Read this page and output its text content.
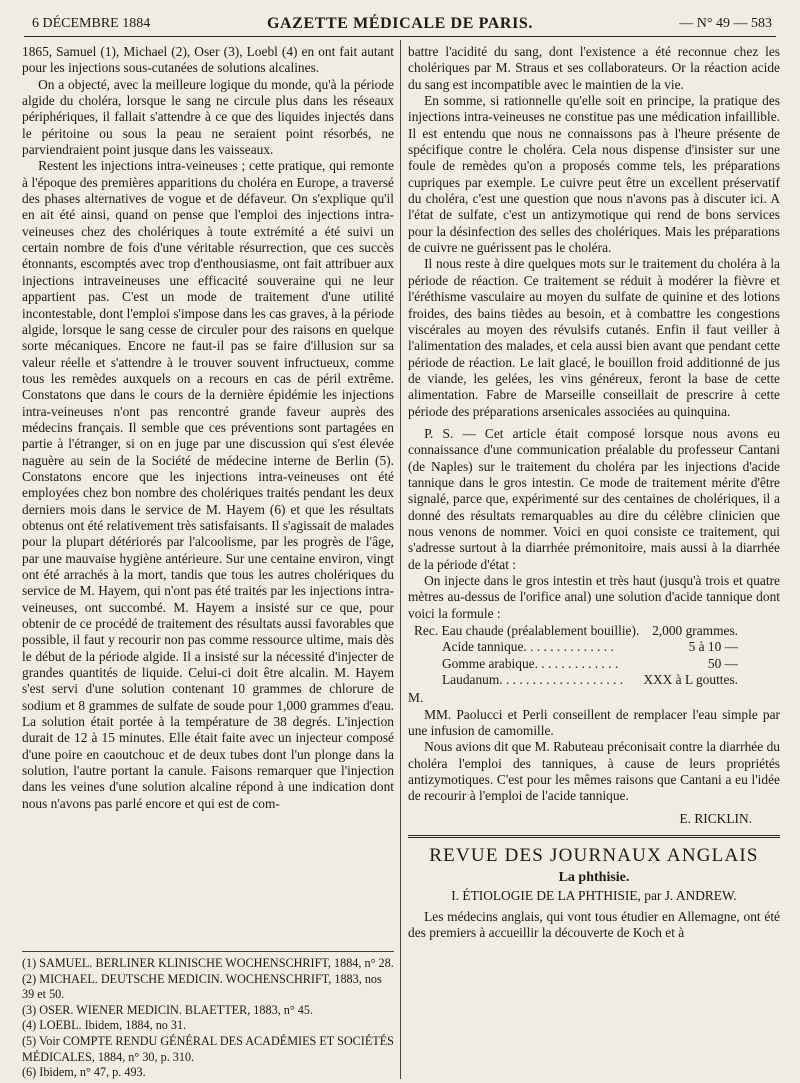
6 DÉCEMBRE 1884	GAZETTE MÉDICALE DE PARIS.	— N° 49 — 583

1865, Samuel (1), Michael (2), Oser (3), Loebl (4) en ont fait autant pour les injections sous-cutanées de solutions alcalines.

On a objecté, avec la meilleure logique du monde, qu'à la période algide du choléra, lorsque le sang ne circule plus dans les réseaux périphériques, il fallait s'attendre à ce que des liquides injectés dans le péritoine ou sous la peau ne seraient point résorbés, ne parviendraient point jusque dans les vaisseaux.

Restent les injections intra-veineuses ; cette pratique, qui remonte à l'époque des premières apparitions du choléra en Europe, a traversé des phases alternatives de vogue et de défaveur. On s'explique qu'il en ait été ainsi, quand on pense que l'emploi des injections intra-veineuses chez des cholériques à toute extrémité a été suivi un certain nombre de fois d'une véritable résurrection, que ces succès étonnants, escomptés avec trop d'enthousiasme, ont fait attribuer aux injections intraveineuses une efficacité souveraine qui ne leur appartient pas. C'est un mode de traitement d'une utilité incontestable, dont l'emploi s'impose dans les cas graves, à la période algide, lorsque le sang cesse de circuler pour des raisons en quelque sorte mécaniques. Encore ne faut-il pas se faire d'illusion sur sa valeur réelle et s'attendre à le trouver souvent infructueux, comme tous les remèdes auxquels on a recours en cas de péril extrême. Constatons que dans le cours de la dernière épidémie les injections intra-veineuses n'ont pas rencontré grande faveur auprès des médecins français. Il semble que ces préventions sont partagées en partie à l'étranger, si on en juge par une discussion qui s'est élevée naguère au sein de la Société de médecine interne de Berlin (5). Constatons encore que les injections intra-veineuses ont été employées chez bon nombre des cholériques traités pendant les deux derniers mois dans le service de M. Hayem (6) et que les résultats obtenus ont été relativement très satisfaisants. Il s'agissait de malades pour la plupart détériorés par l'alcoolisme, par les progrès de l'âge, par une mauvaise hygiène antérieure. Sur une centaine environ, vingt ont été arrachés à la mort, tandis que tous les autres cholériques du service de M. Hayem, qui n'ont pas été traités par les injections intra-veineuses, ont succombé. M. Hayem a insisté sur ce que, pour obtenir de ce procédé de traitement des résultats aussi favorables que possible, il faut y recourir non pas comme ressource ultime, mais dès le début de la période algide. Il a insisté sur la nécessité d'injecter de grandes quantités de liquide. Celui-ci doit être alcalin. M. Hayem s'est servi d'une solution contenant 10 grammes de chlorure de sodium et 8 grammes de sulfate de soude pour 1,000 grammes d'eau. La solution était portée à la température de 38 degrés. L'injection durait de 12 à 15 minutes. Elle était faite avec un injecteur composé d'une poire en caoutchouc et de deux tubes dont l'un plonge dans la solution, l'autre portant la canule. Faisons remarquer que l'injection dans les veines d'une solution alcaline répond à une indication dont nous n'avons pas parlé encore et qui est de com-

(1) SAMUEL. BERLINER KLINISCHE WOCHENSCHRIFT, 1884, n° 28.
(2) MICHAEL. DEUTSCHE MEDICIN. WOCHENSCHRIFT, 1883, nos 39 et 50.
(3) OSER. WIENER MEDICIN. BLAETTER, 1883, n° 45.
(4) LOEBL. Ibidem, 1884, no 31.
(5) Voir COMPTE RENDU GÉNÉRAL DES ACADÉMIES ET SOCIÉTÉS MÉDICALES, 1884, n° 30, p. 310.
(6) Ibidem, n° 47, p. 493.

battre l'acidité du sang, dont l'existence a été reconnue chez les cholériques par M. Straus et ses collaborateurs. Or la réaction acide du sang est incompatible avec le maintien de la vie.

En somme, si rationnelle qu'elle soit en principe, la pratique des injections intra-veineuses ne constitue pas une médication infaillible. Il est entendu que nous ne connaissons pas à l'heure présente de spécifique contre le choléra. Cela nous dispense d'insister sur une foule de remèdes qu'on a proposés comme tels, les préparations cupriques par exemple. Le cuivre peut être un excellent préservatif du choléra, c'est une question que nous n'avons pas à discuter ici. A l'état de sulfate, c'est un antizymotique qui rend de bons services pour la désinfection des selles des cholériques. Mais les préparations de cuivre ne guérissent pas le choléra.

Il nous reste à dire quelques mots sur le traitement du choléra à la période de réaction. Ce traitement se réduit à modérer la fièvre et l'éréthisme vasculaire au moyen du sulfate de quinine et des lotions froides, des bains tièdes au besoin, et à combattre les congestions viscérales au moyen des révulsifs cutanés. Enfin il faut veiller à l'alimentation des malades, et cela aussi bien avant que pendant cette période de réaction. Le lait glacé, le bouillon froid additionné de jus de viande, les gelées, les vins généreux, feront la base de cette alimentation. Fabre de Marseille conseillait de prescrire à cette période des préparations arsenicales associées au quinquina.

P. S. — Cet article était composé lorsque nous avons eu connaissance d'une communication préalable du professeur Cantani (de Naples) sur le traitement du choléra par les injections d'acide tannique dans le gros intestin. Ce mode de traitement mérite d'être signalé, parce que, expérimenté sur des centaines de cholériques, il a donné des résultats remarquables au dire du célèbre clinicien que nous venons de nommer. Voici en quoi consiste ce traitement, qui s'adresse surtout à la diarrhée prémonitoire, mais aussi à la diarrhée de la période d'état :

On injecte dans le gros intestin et très haut (jusqu'à trois et quatre mètres au-dessus de l'orifice anal) une solution d'acide tannique dont voici la formule :

Rec. Eau chaude (préalablement bouillie).	2,000 grammes.
Acide tannique. . . . . . . . . . . . . .	5 à 10 —
Gomme arabique. . . . . . . . . . . . .	50 —
Laudanum. . . . . . . . . . . . . . . . . . .	XXX à L gouttes.

M.

MM. Paolucci et Perli conseillent de remplacer l'eau simple par une infusion de camomille.

Nous avions dit que M. Rabuteau préconisait contre la diarrhée du choléra l'emploi des tanniques, à cause de leurs propriétés antizymotiques. C'est pour les mêmes raisons que Cantani a eu l'idée de recourir à l'emploi de l'acide tannique.

E. RICKLIN.
REVUE DES JOURNAUX ANGLAIS
La phthisie.
I. ÉTIOLOGIE DE LA PHTHISIE, par J. ANDREW.

Les médecins anglais, qui vont tous étudier en Allemagne, ont été des premiers à accueillir la découverte de Koch et à
